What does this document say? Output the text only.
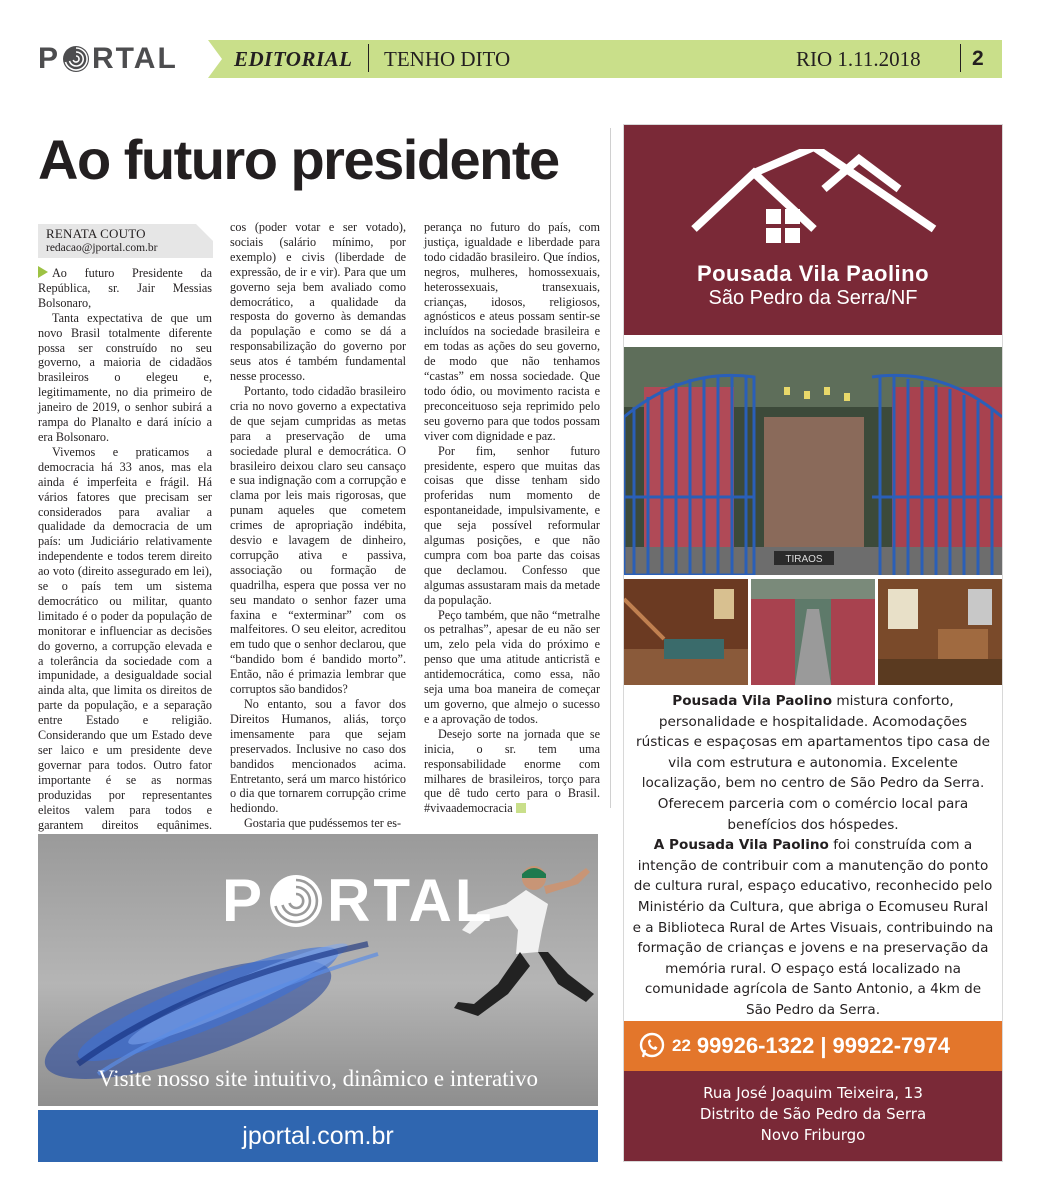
P RTAL	EDITORIAL TENHO DITO	RIO 1.11.2018 2
Ao futuro presidente
RENATA COUTO
redacao@jportal.com.br

Ao futuro Presidente da República, sr. Jair Messias Bolsonaro,

Tanta expectativa de que um novo Brasil totalmente diferente possa ser construído no seu governo, a maioria de cidadãos brasileiros o elegeu e, legitimamente, no dia primeiro de janeiro de 2019, o senhor subirá a rampa do Planalto e dará início a era Bolsonaro.

Vivemos e praticamos a democracia há 33 anos, mas ela ainda é imperfeita e frágil. Há vários fatores que precisam ser considerados para avaliar a qualidade da democracia de um país: um Judiciário relativamente independente e todos terem direito ao voto (direito assegurado em lei), se o país tem um sistema democrático ou militar, quanto limitado é o poder da população de monitorar e influenciar as decisões do governo, a corrupção elevada e a tolerância da sociedade com a impunidade, a desigualdade social ainda alta, que limita os direitos de parte da população, e a separação entre Estado e religião. Considerando que um Estado deve ser laico e um presidente deve governar para todos. Outro fator importante é se as normas produzidas por representantes eleitos valem para todos e garantem direitos equânimes.

cos (poder votar e ser votado), sociais (salário mínimo, por exemplo) e civis (liberdade de expressão, de ir e vir). Para que um governo seja bem avaliado como democrático, a qualidade da resposta do governo às demandas da população e como se dá a responsabilização do governo por seus atos é também fundamental nesse processo.

Portanto, todo cidadão brasileiro cria no novo governo a expectativa de que sejam cumpridas as metas para a preservação de uma sociedade plural e democrática. O brasileiro deixou claro seu cansaço e sua indignação com a corrupção e clama por leis mais rigorosas, que punam aqueles que cometem crimes de apropriação indébita, desvio e lavagem de dinheiro, corrupção ativa e passiva, associação ou formação de quadrilha, espera que possa ver no seu mandato o senhor fazer uma faxina e “exterminar” com os malfeitores. O seu eleitor, acreditou em tudo que o senhor declarou, que “bandido bom é bandido morto”. Então, não é primazia lembrar que corruptos são bandidos?

No entanto, sou a favor dos Direitos Humanos, aliás, torço imensamente para que sejam preservados. Inclusive no caso dos bandidos mencionados acima. Entretanto, será um marco histórico o dia que tornarem corrupção crime hediondo.

Gostaria que pudéssemos ter es-

perança no futuro do país, com justiça, igualdade e liberdade para todo cidadão brasileiro. Que índios, negros, mulheres, homossexuais, heterossexuais, transexuais, crianças, idosos, religiosos, agnósticos e ateus possam sentir-se incluídos na sociedade brasileira e em todas as ações do seu governo, de modo que não tenhamos “castas” em nossa sociedade. Que todo ódio, ou movimento racista e preconceituoso seja reprimido pelo seu governo para que todos possam viver com dignidade e paz.

Por fim, senhor futuro presidente, espero que muitas das coisas que disse tenham sido proferidas num momento de espontaneidade, impulsivamente, e que seja possível reformular algumas posições, e que não cumpra com boa parte das coisas que declamou. Confesso que algumas assustaram mais da metade da população.

Peço também, que não “metralhe os petralhas”, apesar de eu não ser um, zelo pela vida do próximo e penso que uma atitude anticristã e antidemocrática, como essa, não seja uma boa maneira de começar um governo, que almejo o sucesso e a aprovação de todos.

Desejo sorte na jornada que se inicia, o sr. tem uma responsabilidade enorme com milhares de brasileiros, torço para que dê tudo certo para o Brasil. #vivaademocracia

P RTAL
Visite nosso site intuitivo, dinâmico e interativo
jportal.com.br
Pousada Vila Paolino
São Pedro da Serra/NF
TIRAOS
Pousada Vila Paolino mistura conforto, personalidade e hospitalidade. Acomodações rústicas e espaçosas em apartamentos tipo casa de vila com estrutura e autonomia. Excelente localização, bem no centro de São Pedro da Serra. Oferecem parceria com o comércio local para benefícios dos hóspedes.
A Pousada Vila Paolino foi construída com a intenção de contribuir com a manutenção do ponto de cultura rural, espaço educativo, reconhecido pelo Ministério da Cultura, que abriga o Ecomuseu Rural e a Biblioteca Rural de Artes Visuais, contribuindo na formação de crianças e jovens e na preservação da memória rural. O espaço está localizado na comunidade agrícola de Santo Antonio, a 4km de São Pedro da Serra.
22 99926-1322 | 99922-7974
Rua José Joaquim Teixeira, 13
Distrito de São Pedro da Serra
Novo Friburgo
